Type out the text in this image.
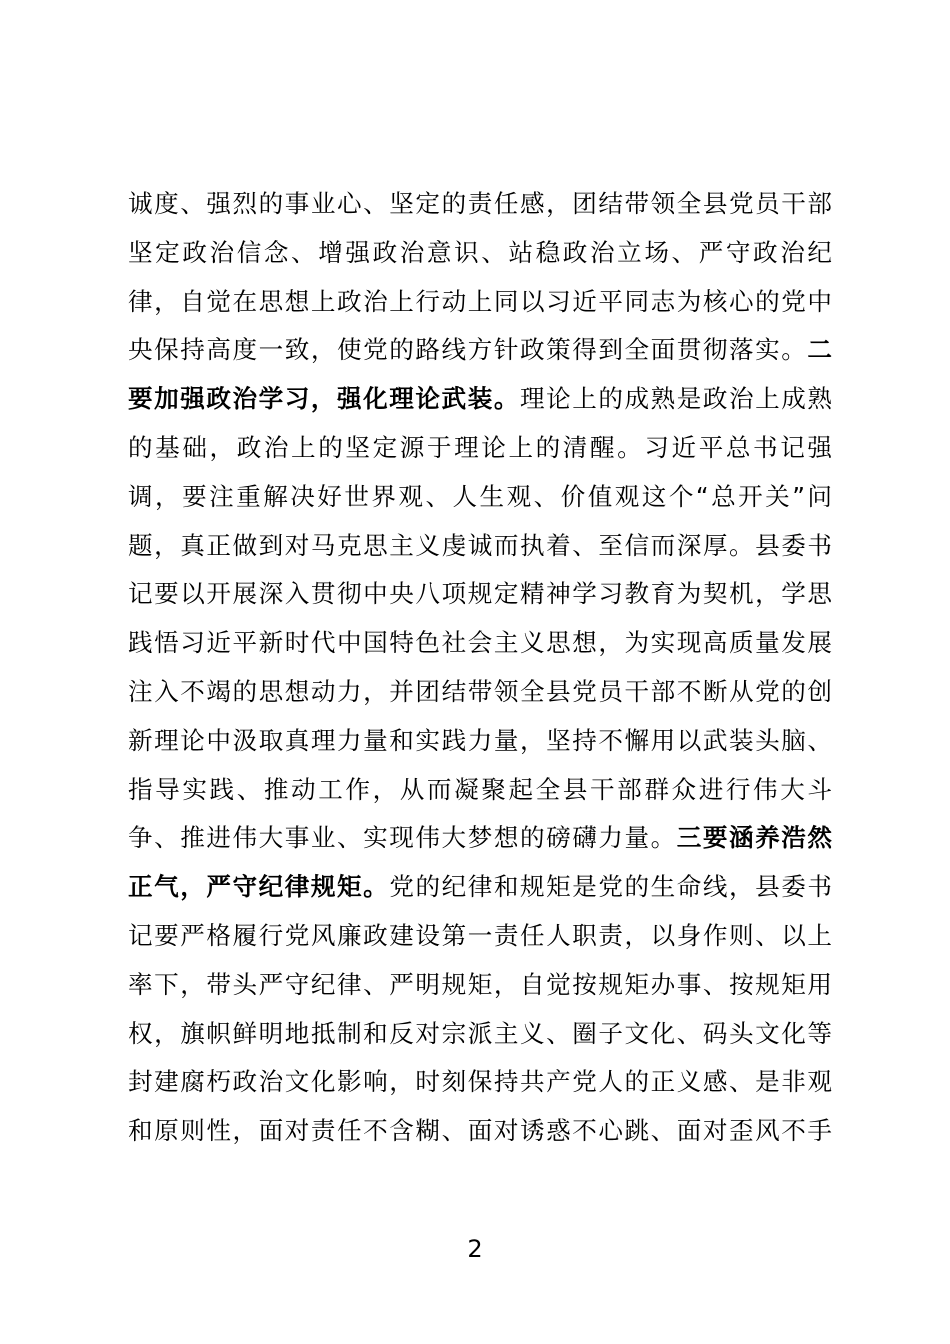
诚度、强烈的事业心、坚定的责任感，团结带领全县党员干部
坚定政治信念、增强政治意识、站稳政治立场、严守政治纪
律，自觉在思想上政治上行动上同以习近平同志为核心的党中
央保持高度一致，使党的路线方针政策得到全面贯彻落实。二
要加强政治学习，强化理论武装。理论上的成熟是政治上成熟
的基础，政治上的坚定源于理论上的清醒。习近平总书记强
调，要注重解决好世界观、人生观、价值观这个“总开关”问
题，真正做到对马克思主义虔诚而执着、至信而深厚。县委书
记要以开展深入贯彻中央八项规定精神学习教育为契机，学思
践悟习近平新时代中国特色社会主义思想，为实现高质量发展
注入不竭的思想动力，并团结带领全县党员干部不断从党的创
新理论中汲取真理力量和实践力量，坚持不懈用以武装头脑、
指导实践、推动工作，从而凝聚起全县干部群众进行伟大斗
争、推进伟大事业、实现伟大梦想的磅礴力量。三要涵养浩然
正气，严守纪律规矩。党的纪律和规矩是党的生命线，县委书
记要严格履行党风廉政建设第一责任人职责，以身作则、以上
率下，带头严守纪律、严明规矩，自觉按规矩办事、按规矩用
权，旗帜鲜明地抵制和反对宗派主义、圈子文化、码头文化等
封建腐朽政治文化影响，时刻保持共产党人的正义感、是非观
和原则性，面对责任不含糊、面对诱惑不心跳、面对歪风不手
2
